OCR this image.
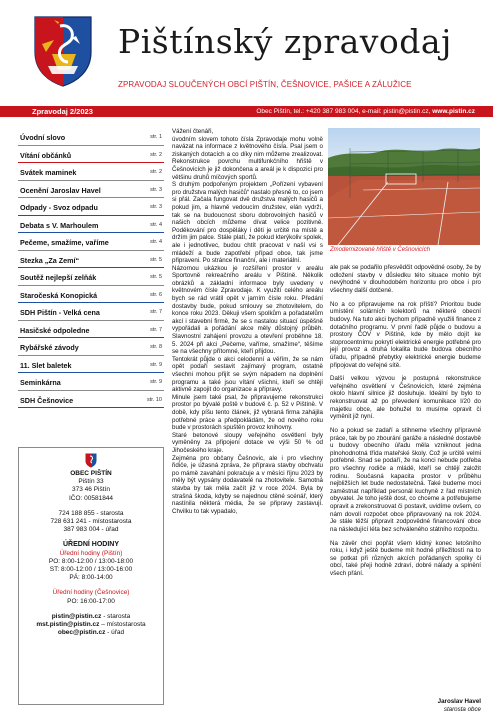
Pištínský zpravodaj
ZPRAVODAJ SLOUČENÝCH OBCÍ PIŠTÍN, ČEŠNOVICE, PAŠICE A ZÁLUŽICE
Zpravodaj 2/2023	Obec Pištín, tel.: +420 387 983 004, e-mail: pistin@pistin.cz, www.pistin.cz
Úvodní slovo	str. 1
Vítání občánků	str. 2
Svátek maminek	str. 2
Ocenění Jaroslav Havel	str. 3
Odpady - Svoz odpadu	str. 3
Debata s V. Marhoulem	str. 4
Pečeme, smažíme, vaříme	str. 4
Stezka „Za Zemí“	str. 5
Soutěž nejlepší zelňák	str. 5
Staročeská Konopická	str. 6
SDH Pištín - Velká cena	str. 7
Hasičské odpoledne	str. 7
Rybářské závody	str. 8
11. Slet baletek	str. 9
Seminkárna	str. 9
SDH Češnovice	str. 10
OBEC PIŠTÍN
Pištín 33
373 46 Pištín
IČO: 00581844
724 188 855 - starosta
728 631 241 - místostarosta
387 983 004 - úřad
ÚŘEDNÍ HODINY
Úřední hodiny (Pištín)
PO: 8:00-12:00 / 13:00-18:00
ST: 8:00-12:00 / 13:00-16:00
PÁ: 8:00-14:00
Úřední hodiny (Češnovice)
PO: 16:00-17:00
pistin@pistin.cz - starosta
mst.pistin@pistin.cz – místostarosta
obec@pistin.cz - úřad

Vážení čtenáři,

úvodním slovem tohoto čísla Zpravodaje mohu volně navázat na informace z květnového čísla. Psal jsem o ziskaných dotacích a co díky nim můžeme zrealizovat. Rekonstrukce povrchu multifunkčního hřiště v Češnovicích je již dokončena a areál je k dispozici pro většinu druhů míčových sportů.

S druhým podpořeným projektem „Pořízení vybavení pro družstva malých hasičů“ nastalo přesně to, co jsem si přál. Začala fungovat dvě družstva malých hasičů a pokud jim, a hlavně vedoucím družstev, elán vydrží, tak se na budoucnost sboru dobrovolných hasičů v našich obcích můžeme dívat velice pozitivně. Poděkování pro dospěláky i děti je určitě na místě a držím jim palce. Stále platí, že pokud kterýkoliv spolek, ale i jednotlivec, budou chtít pracovat v naší vsi s mládeží a bude zapotřebí případ obce, tak jsme připraveni. Po stránce finanční, ale i materiální.

Názornou ukázkou je rozšíření prostor v areálu Sportovně rekreačního areálu v Pištíně. Několik obrázků a základní informace byly uvedeny v květnovém čísle Zpravodaje. K využití celého areálu bych se rád vrátil opět v jarním čísle roku. Předání dostavby bude, pokud smlouvy se zhotovitelem, do konce roku 2023. Děkuji všem spolkům a pořadatelům akcí i stavební firmě, že se s nastalou situací úspěšně vypořádali a pořádání akce měly důstojný průběh. Slavnostní zahájení provozu a otevření proběhne 18. 5. 2024 při akci „Pečeme, vaříme, smažíme“, těšíme se na všechny přítomné, kteří přijdou.

Tentokrát půjde o akci celodenní a věřím, že se nám opět podaří sestavit zajímavý program, ostatně všechni mohou přijít se svým nápadem na doplnění programu a také jsou vítání všichni, kteří se chtějí aktivně zapojit do organizace a přípravy.

Minule jsem také psal, že připravujeme rekonstrukci prostor po bývalé poště v budově č. p. 52 v Pištíně. V době, kdy píšu tento článek, již vybraná firma zahájila potřebné práce a předpokládám, že od nového roku bude v prostorách spuštěn provoz knihovny.

Staré betonové sloupy veřejného osvětlení byly vyměněny za připojení dotace ve výši 50 % od Jihočeského kraje.

Zejména pro občany Češnovic, ale i pro všechny řidiče, je úžasná zpráva, že příprava stavby obchvatu po mámě zavahání pokračuje a v měsíci říjnu 2023 by měly být vypsány dodavatelé na zhotovitele. Samotná stavba by tak měla začít již v roce 2024. Byla by strašná škoda, kdyby se najednou ctěné scénář, který nastínila některá média, že se připravy zastavují. Chvilku to tak vypadalo,

Zmodernizované hřiště v Češnovicích

ale pak se podařilo přesvědčit odpovědné osoby, že by odložení stavby v důsledku této situace mohlo být nevýhodné v dlouhodobém horizontu pro obce i pro všechny další dotčené.

No a co připravujeme na rok příští? Prioritou bude umístění solárních kolektorů na některé obecní budovy. Na tuto akci bychom případně využili finance z dotačního programu. V první řadě půjde o budovu a prostory ČOV v Pištíně, kde by mělo dojít ke stoprocentnímu pokrytí elektrické energie potřebné pro její provoz a druhá lokalita bude budova obecního úřadu, případně přebytky elektrické energie budeme připojovat do veřejné sítě.

Další velkou výzvou je postupná rekonstrukce veřejného osvětlení v Češnovicích, které zejména okolo hlavní silnice již dosluhuje. Ideální by bylo to rekonstruovat až po převedení komunikace I/20 do majetku obce, ale bohužel to musíme opravit či vyměnit již nyní.

No a pokud se zadaří a stihneme všechny přípravné práce, tak by po zbourání garáže a následné dostavbě u budovy obecního úřadu měla vzniknout jedna plnohodnotná třída mateřské školy. Což je určitě velmi potřebné. Snad se podaří, že na konci nebude potřeba pro všechny rodiče a mládě, kteří se chtějí založit rodinu. Současná kapacita prostor v průběhu nejbližších let bude nedostatečná. Také budeme moci zaměstnat například personál kuchyně z řad místních obyvatel. Je toho ještě dost, co chceme a potřebujeme opravit a zrekonstruovat či postavit, uvidíme ovšem, co nám dovolí rozpočet obce připravovaný na rok 2024. Je stále těžší připravit zodpovědné financování obce na následující léta bez schváleného státního rozpočtu.

Na závěr chci popřát všem klidný konec letošního roku, i když ještě budeme mít hodně příležitostí na to se potkat při různých akcích pořádaných spolky či obcí, také přeji hodně zdraví, dobré nálady a splnění všech přání.

Jaroslav Havel
starosta obce
